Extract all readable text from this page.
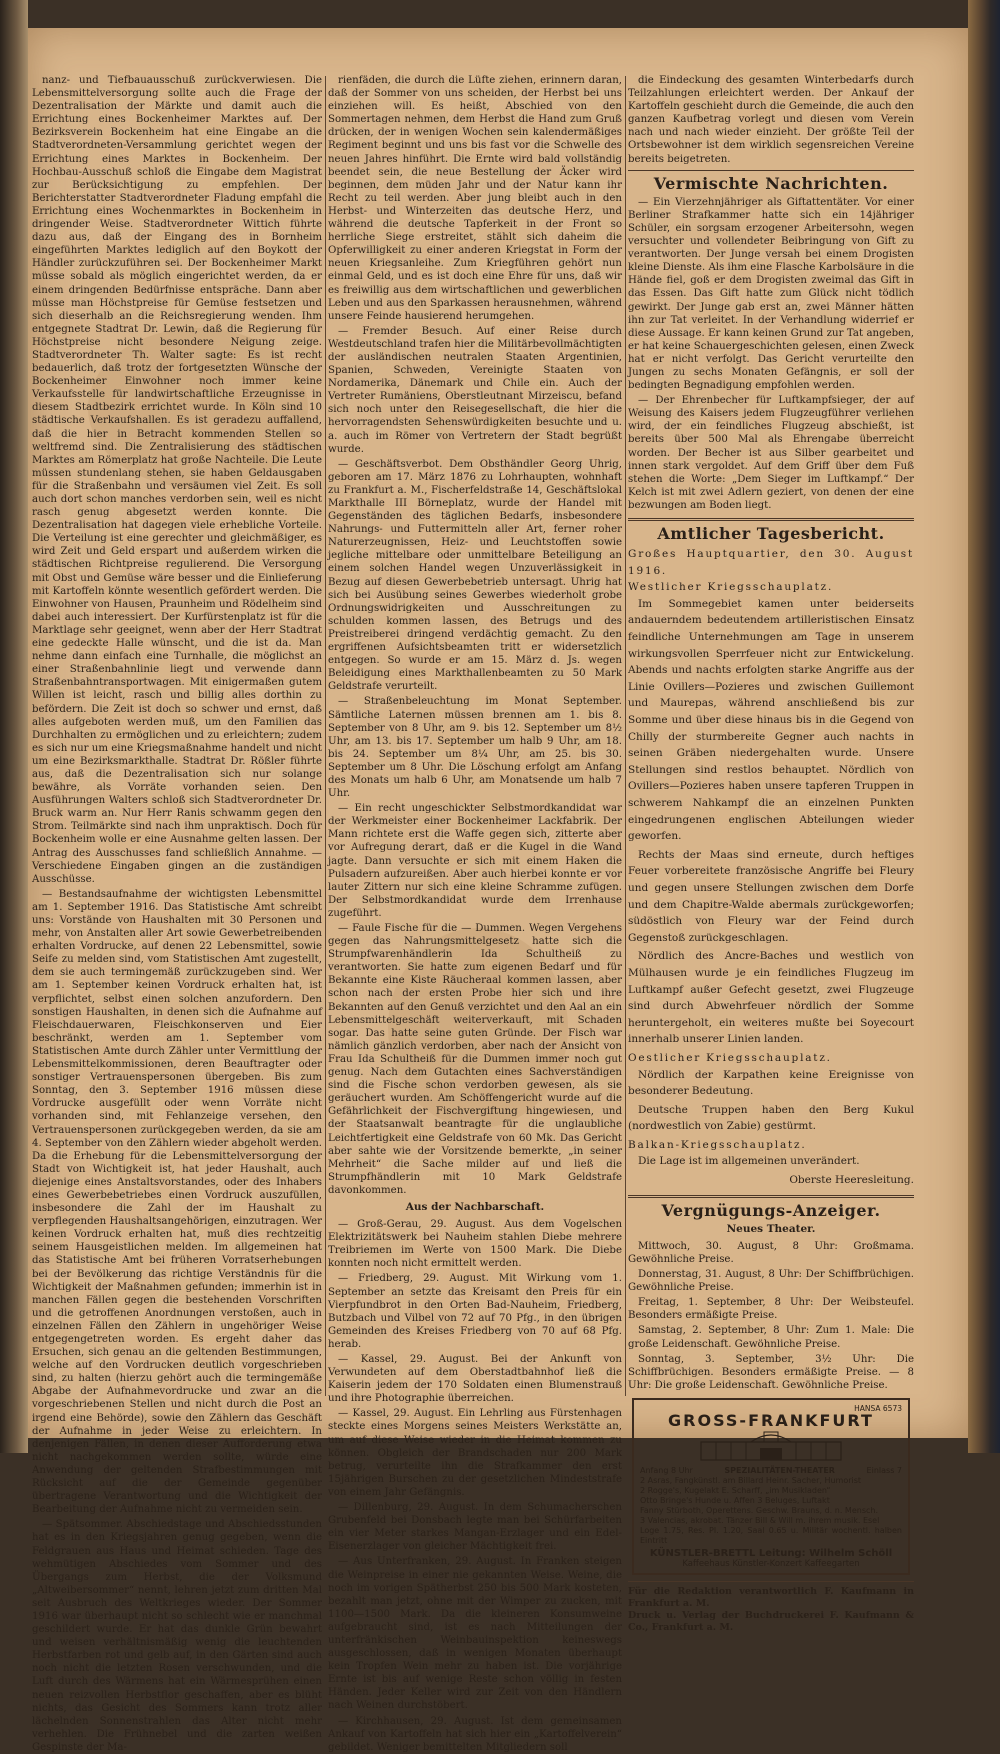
nanz- und Tiefbauausschuß zurückverwiesen. Die Lebensmittelversorgung sollte auch die Frage der Dezentralisation der Märkte und damit auch die Errichtung eines Bockenheimer Marktes auf. Der Bezirksverein Bockenheim hat eine Eingabe an die Stadtverordneten-Versammlung gerichtet wegen der Errichtung eines Marktes in Bockenheim. Der Hochbau-Ausschuß schloß die Eingabe dem Magistrat zur Berücksichtigung zu empfehlen. Der Berichterstatter Stadtverordneter Fladung empfahl die Errichtung eines Wochenmarktes in Bockenheim in dringender Weise. Stadtverordneter Wittich führte dazu aus, daß der Eingang des in Bornheim eingeführten Marktes lediglich auf den Boykott der Händler zurückzuführen sei. Der Bockenheimer Markt müsse sobald als möglich eingerichtet werden, da er einem dringenden Bedürfnisse entspräche. Dann aber müsse man Höchstpreise für Gemüse festsetzen und sich dieserhalb an die Reichsregierung wenden. Ihm entgegnete Stadtrat Dr. Lewin, daß die Regierung für Höchstpreise nicht besondere Neigung zeige. Stadtverordneter Th. Walter sagte: Es ist recht bedauerlich, daß trotz der fortgesetzten Wünsche der Bockenheimer Einwohner noch immer keine Verkaufsstelle für landwirtschaftliche Erzeugnisse in diesem Stadtbezirk errichtet wurde. In Köln sind 10 städtische Verkaufshallen. Es ist geradezu auffallend, daß die hier in Betracht kommenden Stellen so weltfremd sind. Die Zentralisierung des städtischen Marktes am Römerplatz hat große Nachteile. Die Leute müssen stundenlang stehen, sie haben Geldausgaben für die Straßenbahn und versäumen viel Zeit. Es soll auch dort schon manches verdorben sein, weil es nicht rasch genug abgesetzt werden konnte. Die Dezentralisation hat dagegen viele erhebliche Vorteile. Die Verteilung ist eine gerechter und gleichmäßiger, es wird Zeit und Geld erspart und außerdem wirken die städtischen Richtpreise regulierend. Die Versorgung mit Obst und Gemüse wäre besser und die Einlieferung mit Kartoffeln könnte wesentlich gefördert werden. Die Einwohner von Hausen, Praunheim und Rödelheim sind dabei auch interessiert. Der Kurfürstenplatz ist für die Marktlage sehr geeignet, wenn aber der Herr Stadtrat eine gedeckte Halle wünscht, und die ist da. Man nehme dann einfach eine Turnhalle, die möglichst an einer Straßenbahnlinie liegt und verwende dann Straßenbahntransportwagen. Mit einigermaßen gutem Willen ist leicht, rasch und billig alles dorthin zu befördern. Die Zeit ist doch so schwer und ernst, daß alles aufgeboten werden muß, um den Familien das Durchhalten zu ermöglichen und zu erleichtern; zudem es sich nur um eine Kriegsmaßnahme handelt und nicht um eine Bezirksmarkthalle. Stadtrat Dr. Rößler führte aus, daß die Dezentralisation sich nur solange bewähre, als Vorräte vorhanden seien. Den Ausführungen Walters schloß sich Stadtverordneter Dr. Bruck warm an. Nur Herr Ranis schwamm gegen den Strom. Teilmärkte sind nach ihm unpraktisch. Doch für Bockenheim wolle er eine Ausnahme gelten lassen. Der Antrag des Ausschusses fand schließlich Annahme. — Verschiedene Eingaben gingen an die zuständigen Ausschüsse.

— Bestandsaufnahme der wichtigsten Lebensmittel am 1. September 1916. Das Statistische Amt schreibt uns: Vorstände von Haushalten mit 30 Personen und mehr, von Anstalten aller Art sowie Gewerbetreibenden erhalten Vordrucke, auf denen 22 Lebensmittel, sowie Seife zu melden sind, vom Statistischen Amt zugestellt, dem sie auch termingemäß zurückzugeben sind. Wer am 1. September keinen Vordruck erhalten hat, ist verpflichtet, selbst einen solchen anzufordern. Den sonstigen Haushalten, in denen sich die Aufnahme auf Fleischdauerwaren, Fleischkonserven und Eier beschränkt, werden am 1. September vom Statistischen Amte durch Zähler unter Vermittlung der Lebensmittelkommissionen, deren Beauftragter oder sonstiger Vertrauenspersonen übergeben. Bis zum Sonntag, den 3. September 1916 müssen diese Vordrucke ausgefüllt oder wenn Vorräte nicht vorhanden sind, mit Fehlanzeige versehen, den Vertrauenspersonen zurückgegeben werden, da sie am 4. September von den Zählern wieder abgeholt werden. Da die Erhebung für die Lebensmittelversorgung der Stadt von Wichtigkeit ist, hat jeder Haushalt, auch diejenige eines Anstaltsvorstandes, oder des Inhabers eines Gewerbebetriebes einen Vordruck auszufüllen, insbesondere die Zahl der im Haushalt zu verpflegenden Haushaltsangehörigen, einzutragen. Wer keinen Vordruck erhalten hat, muß dies rechtzeitig seinem Hausgeistlichen melden. Im allgemeinen hat das Statistische Amt bei früheren Vorratserhebungen bei der Bevölkerung das richtige Verständnis für die Wichtigkeit der Maßnahmen gefunden; immerhin ist in manchen Fällen gegen die bestehenden Vorschriften und die getroffenen Anordnungen verstoßen, auch in einzelnen Fällen den Zählern in ungehöriger Weise entgegengetreten worden. Es ergeht daher das Ersuchen, sich genau an die geltenden Bestimmungen, welche auf den Vordrucken deutlich vorgeschrieben sind, zu halten (hierzu gehört auch die termingemäße Abgabe der Aufnahmevordrucke und zwar an die vorgeschriebenen Stellen und nicht durch die Post an irgend eine Behörde), sowie den Zählern das Geschäft der Aufnahme in jeder Weise zu erleichtern. In denjenigen Fällen, in denen dieser Aufforderung etwa nicht nachgekommen werden sollte, würde eine Anwendung der geltenden Strafbestimmungen mit Rücksicht auf die der Gemeinde gegenüber übertragene Verantwortung und die Wichtigkeit der Bearbeitung der Aufnahme nicht zu vermeiden sein.

— Spätsommer. Abschiedstage und Abschiedsstunden hat es in den Kriegsjahren genug gegeben, wenn die Feldgrauen aus Haus und Heimat schieden. Tage des wehmütigen Abschiedes vom Sommer und des Übergangs zum Herbst, die der Volksmund „Altweibersommer“ nennt, lehren jetzt zum dritten Mal seit Ausbruch des Weltkrieges wieder. Der Sommer 1916 war überhaupt nicht so schlecht wie er manchmal geschildert wurde. Er hat das dunkle Grün bewahrt und weisen verhältnismäßig wenig die leuchtenden Herbstfarben rot und gelb auf, in den Gärten sind auch noch nicht die letzten Rosen verschwunden, und die Luft durch des Wärmens hat ein Wärmesprühen einen neuen reizvollen Herbstflor geschaffen, aber es blüht nichts, das Gesicht des Sommers kann trotz aller lächelnden Sonnenstrahlen das Alter nicht mehr verhehlen. Die Frühnebel und die zarten weißen Gespinste der Ma-

rienfäden, die durch die Lüfte ziehen, erinnern daran, daß der Sommer von uns scheiden, der Herbst bei uns einziehen will. Es heißt, Abschied von den Sommertagen nehmen, dem Herbst die Hand zum Gruß drücken, der in wenigen Wochen sein kalendermäßiges Regiment beginnt und uns bis fast vor die Schwelle des neuen Jahres hinführt. Die Ernte wird bald vollständig beendet sein, die neue Bestellung der Äcker wird beginnen, dem müden Jahr und der Natur kann ihr Recht zu teil werden. Aber jung bleibt auch in den Herbst- und Winterzeiten das deutsche Herz, und während die deutsche Tapferkeit in der Front so herrliche Siege erstreitet, stählt sich daheim die Opferwilligkeit zu einer anderen Kriegstat in Form der neuen Kriegsanleihe. Zum Kriegführen gehört nun einmal Geld, und es ist doch eine Ehre für uns, daß wir es freiwillig aus dem wirtschaftlichen und gewerblichen Leben und aus den Sparkassen herausnehmen, während unsere Feinde hausierend herumgehen.

— Fremder Besuch. Auf einer Reise durch Westdeutschland trafen hier die Militärbevollmächtigten der ausländischen neutralen Staaten Argentinien, Spanien, Schweden, Vereinigte Staaten von Nordamerika, Dänemark und Chile ein. Auch der Vertreter Rumäniens, Oberstleutnant Mirzeiscu, befand sich noch unter den Reisegesellschaft, die hier die hervorragendsten Sehenswürdigkeiten besuchte und u. a. auch im Römer von Vertretern der Stadt begrüßt wurde.

— Geschäftsverbot. Dem Obsthändler Georg Uhrig, geboren am 17. März 1876 zu Lohrhaupten, wohnhaft zu Frankfurt a. M., Fischerfeldstraße 14, Geschäftslokal Markthalle III Börneplatz, wurde der Handel mit Gegenständen des täglichen Bedarfs, insbesondere Nahrungs- und Futtermitteln aller Art, ferner roher Naturerzeugnissen, Heiz- und Leuchtstoffen sowie jegliche mittelbare oder unmittelbare Beteiligung an einem solchen Handel wegen Unzuverlässigkeit in Bezug auf diesen Gewerbebetrieb untersagt. Uhrig hat sich bei Ausübung seines Gewerbes wiederholt grobe Ordnungswidrigkeiten und Ausschreitungen zu schulden kommen lassen, des Betrugs und des Preistreiberei dringend verdächtig gemacht. Zu den ergriffenen Aufsichtsbeamten tritt er widersetzlich entgegen. So wurde er am 15. März d. Js. wegen Beleidigung eines Markthallenbeamten zu 50 Mark Geldstrafe verurteilt.

— Straßenbeleuchtung im Monat September. Sämtliche Laternen müssen brennen am 1. bis 8. September von 8 Uhr, am 9. bis 12. September um 8½ Uhr, am 13. bis 17. September um halb 9 Uhr, am 18. bis 24. September um 8¼ Uhr, am 25. bis 30. September um 8 Uhr. Die Löschung erfolgt am Anfang des Monats um halb 6 Uhr, am Monatsende um halb 7 Uhr.

— Ein recht ungeschickter Selbstmordkandidat war der Werkmeister einer Bockenheimer Lackfabrik. Der Mann richtete erst die Waffe gegen sich, zitterte aber vor Aufregung derart, daß er die Kugel in die Wand jagte. Dann versuchte er sich mit einem Haken die Pulsadern aufzureißen. Aber auch hierbei konnte er vor lauter Zittern nur sich eine kleine Schramme zufügen. Der Selbstmordkandidat wurde dem Irrenhause zugeführt.

— Faule Fische für die — Dummen. Wegen Vergehens gegen das Nahrungsmittelgesetz hatte sich die Strumpfwarenhändlerin Ida Schultheiß zu verantworten. Sie hatte zum eigenen Bedarf und für Bekannte eine Kiste Räucheraal kommen lassen, aber schon nach der ersten Probe hier sich und ihre Bekannten auf den Genuß verzichtet und den Aal an ein Lebensmittelgeschäft weiterverkauft, mit Schaden sogar. Das hatte seine guten Gründe. Der Fisch war nämlich gänzlich verdorben, aber nach der Ansicht von Frau Ida Schultheiß für die Dummen immer noch gut genug. Nach dem Gutachten eines Sachverständigen sind die Fische schon verdorben gewesen, als sie geräuchert wurden. Am Schöffengericht wurde auf die Gefährlichkeit der Fischvergiftung hingewiesen, und der Staatsanwalt beantragte für die unglaubliche Leichtfertigkeit eine Geldstrafe von 60 Mk. Das Gericht aber sahte wie der Vorsitzende bemerkte, „in seiner Mehrheit“ die Sache milder auf und ließ die Strumpfhändlerin mit 10 Mark Geldstrafe davonkommen.

Aus der Nachbarschaft.

— Groß-Gerau, 29. August. Aus dem Vogelschen Elektrizitätswerk bei Nauheim stahlen Diebe mehrere Treibriemen im Werte von 1500 Mark. Die Diebe konnten noch nicht ermittelt werden.

— Friedberg, 29. August. Mit Wirkung vom 1. September an setzte das Kreisamt den Preis für ein Vierpfundbrot in den Orten Bad-Nauheim, Friedberg, Butzbach und Vilbel von 72 auf 70 Pfg., in den übrigen Gemeinden des Kreises Friedberg von 70 auf 68 Pfg. herab.

— Kassel, 29. August. Bei der Ankunft von Verwundeten auf dem Oberstadtbahnhof ließ die Kaiserin jedem der 170 Soldaten einen Blumenstrauß und ihre Photographie überreichen.

— Kassel, 29. August. Ein Lehrling aus Fürstenhagen steckte eines Morgens seines Meisters Werkstätte an, um auf diese Weise wieder in die Heimat kommen zu können. Obgleich der Brandschaden nur 200 Mark betrug, verurteilte ihn die Strafkammer den erst 15jährigen Burschen zu der gesetzlichen Mindeststrafe von einem Jahr Gefängnis.

— Dillenburg, 29. August. In dem Schumacherschen Grubenfeld bei Donsbach legte man bei Schürfarbeiten ein vier Meter starkes Mangan-Erzlager und ein Edel-Eisenerzlager von gleicher Mächtigkeit frei.

— Aus Unterfranken, 29. August. In Franken steigen die Weinpreise in einer nie gekannten Weise. Weine, die noch im vorigen Spätherbst 250 bis 500 Mark kosteten, bezahlt man jetzt, ohne mit der Wimper zu zucken, mit 1100—1500 Mark. Da die kleineren Konsumweine aufgebraucht sind, ist es nach Mitteilungen der unterfränkischen Weinbauinspektion keineswegs ausgeschlossen, daß in wenigen Monaten überhaupt kein Tropfen Wein mehr zu haben ist. Die vorjährige Ernte ist bis auf wenige Reste schon völlig in festen Händen. Jeder Keller wird zur Zeit von den Händlern nach Weinen durchstöbert.

— Kirchhausen, 29. August. Ist dem gemeinsamen Ankauf von Kartoffeln hat sich hier ein „Kartoffelverein“ gebildet. Weniger bemittelten Mitgliedern soll

die Eindeckung des gesamten Winterbedarfs durch Teilzahlungen erleichtert werden. Der Ankauf der Kartoffeln geschieht durch die Gemeinde, die auch den ganzen Kaufbetrag vorlegt und diesen vom Verein nach und nach wieder einzieht. Der größte Teil der Ortsbewohner ist dem wirklich segensreichen Vereine bereits beigetreten.

Vermischte Nachrichten.

— Ein Vierzehnjähriger als Giftattentäter. Vor einer Berliner Strafkammer hatte sich ein 14jähriger Schüler, ein sorgsam erzogener Arbeitersohn, wegen versuchter und vollendeter Beibringung von Gift zu verantworten. Der Junge versah bei einem Drogisten kleine Dienste. Als ihm eine Flasche Karbolsäure in die Hände fiel, goß er dem Drogisten zweimal das Gift in das Essen. Das Gift hatte zum Glück nicht tödlich gewirkt. Der Junge gab erst an, zwei Männer hätten ihn zur Tat verleitet. In der Verhandlung widerrief er diese Aussage. Er kann keinen Grund zur Tat angeben, er hat keine Schauergeschichten gelesen, einen Zweck hat er nicht verfolgt. Das Gericht verurteilte den Jungen zu sechs Monaten Gefängnis, er soll der bedingten Begnadigung empfohlen werden.

— Der Ehrenbecher für Luftkampfsieger, der auf Weisung des Kaisers jedem Flugzeugführer verliehen wird, der ein feindliches Flugzeug abschießt, ist bereits über 500 Mal als Ehrengabe überreicht worden. Der Becher ist aus Silber gearbeitet und innen stark vergoldet. Auf dem Griff über dem Fuß stehen die Worte: „Dem Sieger im Luftkampf.“ Der Kelch ist mit zwei Adlern geziert, von denen der eine bezwungen am Boden liegt.

Amtlicher Tagesbericht.
Großes Hauptquartier, den 30. August 1916.
Westlicher Kriegsschauplatz.

Im Sommegebiet kamen unter beiderseits andauerndem bedeutendem artilleristischen Einsatz feindliche Unternehmungen am Tage in unserem wirkungsvollen Sperrfeuer nicht zur Entwickelung. Abends und nachts erfolgten starke Angriffe aus der Linie Ovillers—Pozieres und zwischen Guillemont und Maurepas, während anschließend bis zur Somme und über diese hinaus bis in die Gegend von Chilly der sturmbereite Gegner auch nachts in seinen Gräben niedergehalten wurde. Unsere Stellungen sind restlos behauptet. Nördlich von Ovillers—Pozieres haben unsere tapferen Truppen in schwerem Nahkampf die an einzelnen Punkten eingedrungenen englischen Abteilungen wieder geworfen.

Rechts der Maas sind erneute, durch heftiges Feuer vorbereitete französische Angriffe bei Fleury und gegen unsere Stellungen zwischen dem Dorfe und dem Chapitre-Walde abermals zurückgeworfen; südöstlich von Fleury war der Feind durch Gegenstoß zurückgeschlagen.

Nördlich des Ancre-Baches und westlich von Mülhausen wurde je ein feindliches Flugzeug im Luftkampf außer Gefecht gesetzt, zwei Flugzeuge sind durch Abwehrfeuer nördlich der Somme heruntergeholt, ein weiteres mußte bei Soyecourt innerhalb unserer Linien landen.

Oestlicher Kriegsschauplatz.

Nördlich der Karpathen keine Ereignisse von besonderer Bedeutung.

Deutsche Truppen haben den Berg Kukul (nordwestlich von Zabie) gestürmt.

Balkan-Kriegsschauplatz.

Die Lage ist im allgemeinen unverändert.

Oberste Heeresleitung.
Vergnügungs-Anzeiger.
Neues Theater.

Mittwoch, 30. August, 8 Uhr: Großmama. Gewöhnliche Preise.

Donnerstag, 31. August, 8 Uhr: Der Schiffbrüchigen. Gewöhnliche Preise.

Freitag, 1. September, 8 Uhr: Der Weibsteufel. Besonders ermäßigte Preise.

Samstag, 2. September, 8 Uhr: Zum 1. Male: Die große Leidenschaft. Gewöhnliche Preise.

Sonntag, 3. September, 3½ Uhr: Die Schiffbrüchigen. Besonders ermäßigte Preise. — 8 Uhr: Die große Leidenschaft. Gewöhnliche Preise.

HANSA 6573
GROSS-FRANKFURT
Anfang 8 Uhr	SPEZIALITÄTEN-THEATER	Einlass 7
2 Asras, Fangkünstl. am Billard Heinr. Sacher, Humorist
2 Rogge's, Kugelakt E. Scharff, „im Musikladen“
Otto Bringe's Hunde u. Affen 3 Beluges, Luftakt
Fanny Stürboth, Operettens. Geschw. Brauns, d. n. Mensch.
3 Valencias, akrobat. Tänzer Bill & Will m. ihrem musik. Esel
Loge 1.75, Res. Pl. 1.20, Saal 0.65 u. Militär wochentl. halben Eintritt
KÜNSTLER-BRETTL Leitung: Wilhelm Schöll
Kaffeehaus Künstler-Konzert Kaffeegarten
Für die Redaktion verantwortlich F. Kaufmann in Frankfurt a. M.
Druck u. Verlag der Buchdruckerei F. Kaufmann & Co., Frankfurt a. M.
